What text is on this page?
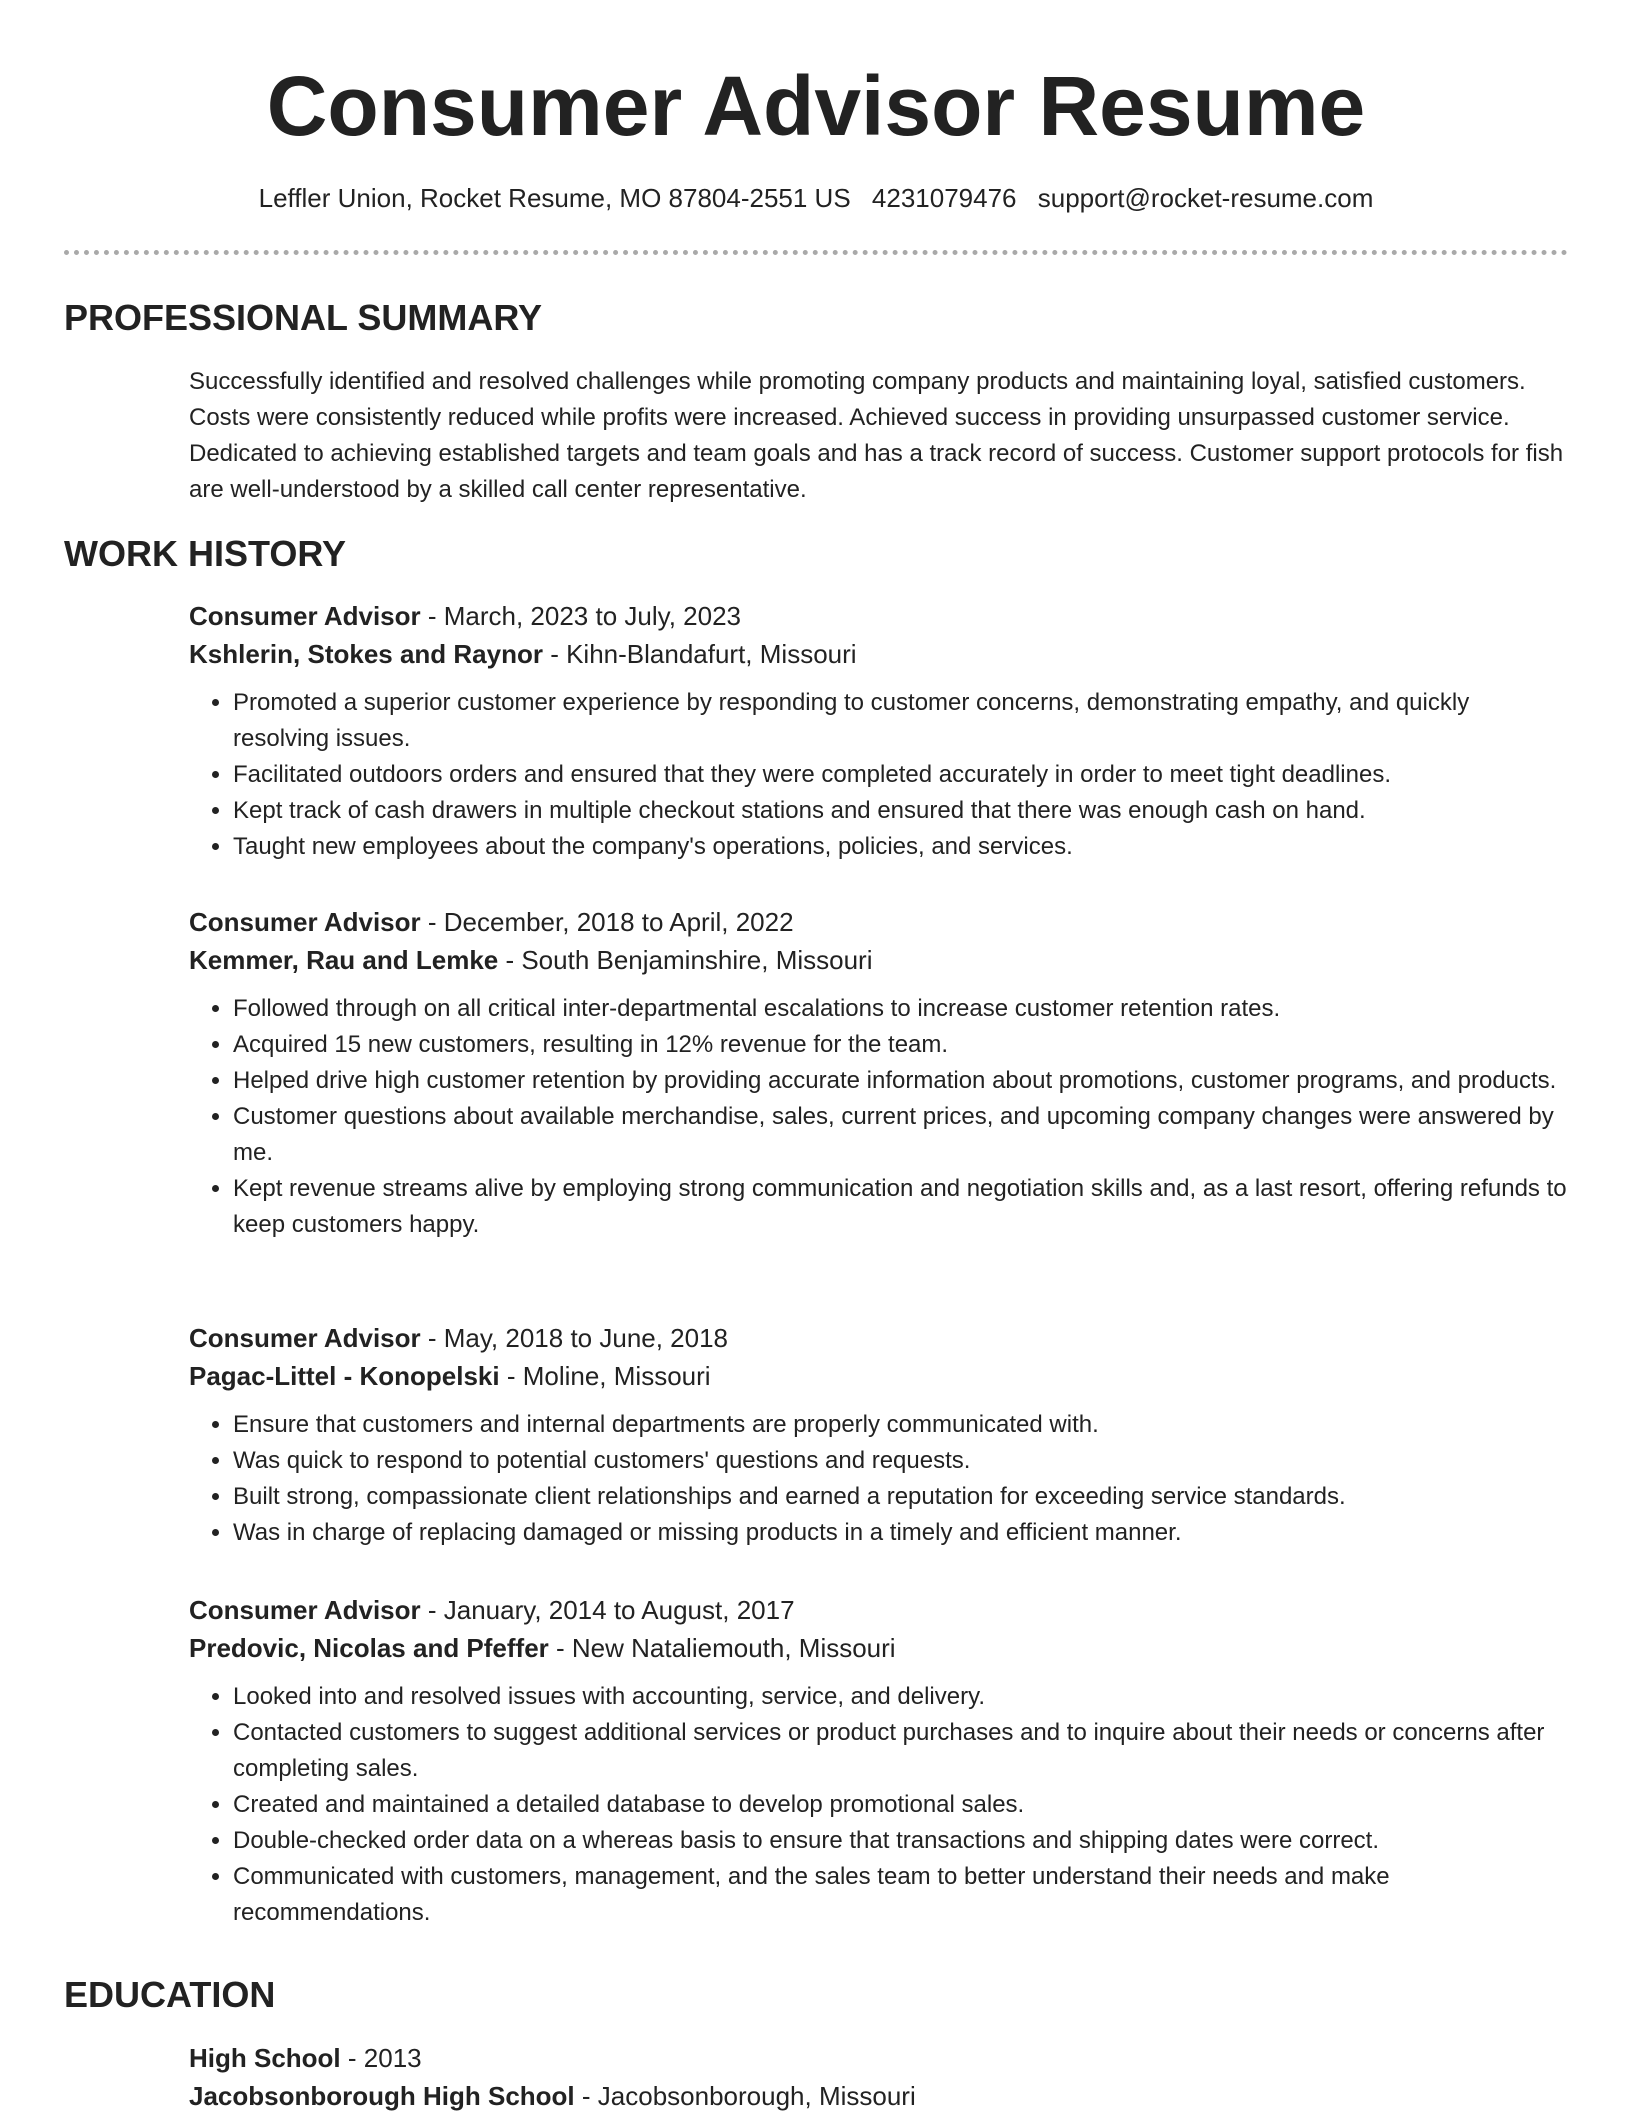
Consumer Advisor Resume
Leffler Union, Rocket Resume, MO 87804-2551 US 4231079476 support@rocket-resume.com
PROFESSIONAL SUMMARY

Successfully identified and resolved challenges while promoting company products and maintaining loyal, satisfied customers. Costs were consistently reduced while profits were increased. Achieved success in providing unsurpassed customer service. Dedicated to achieving established targets and team goals and has a track record of success. Customer support protocols for fish are well-understood by a skilled call center representative.

WORK HISTORY

Consumer Advisor - March, 2023 to July, 2023

Kshlerin, Stokes and Raynor - Kihn-Blandafurt, Missouri

• Promoted a superior customer experience by responding to customer concerns, demonstrating empathy, and quickly resolving issues.
• Facilitated outdoors orders and ensured that they were completed accurately in order to meet tight deadlines.
• Kept track of cash drawers in multiple checkout stations and ensured that there was enough cash on hand.
• Taught new employees about the company's operations, policies, and services.

Consumer Advisor - December, 2018 to April, 2022

Kemmer, Rau and Lemke - South Benjaminshire, Missouri

• Followed through on all critical inter-departmental escalations to increase customer retention rates.
• Acquired 15 new customers, resulting in 12% revenue for the team.
• Helped drive high customer retention by providing accurate information about promotions, customer programs, and products.
• Customer questions about available merchandise, sales, current prices, and upcoming company changes were answered by me.
• Kept revenue streams alive by employing strong communication and negotiation skills and, as a last resort, offering refunds to keep customers happy.

Consumer Advisor - May, 2018 to June, 2018

Pagac-Littel - Konopelski - Moline, Missouri

• Ensure that customers and internal departments are properly communicated with.
• Was quick to respond to potential customers' questions and requests.
• Built strong, compassionate client relationships and earned a reputation for exceeding service standards.
• Was in charge of replacing damaged or missing products in a timely and efficient manner.

Consumer Advisor - January, 2014 to August, 2017

Predovic, Nicolas and Pfeffer - New Nataliemouth, Missouri

• Looked into and resolved issues with accounting, service, and delivery.
• Contacted customers to suggest additional services or product purchases and to inquire about their needs or concerns after completing sales.
• Created and maintained a detailed database to develop promotional sales.
• Double-checked order data on a whereas basis to ensure that transactions and shipping dates were correct.
• Communicated with customers, management, and the sales team to better understand their needs and make recommendations.
EDUCATION

High School - 2013

Jacobsonborough High School - Jacobsonborough, Missouri
